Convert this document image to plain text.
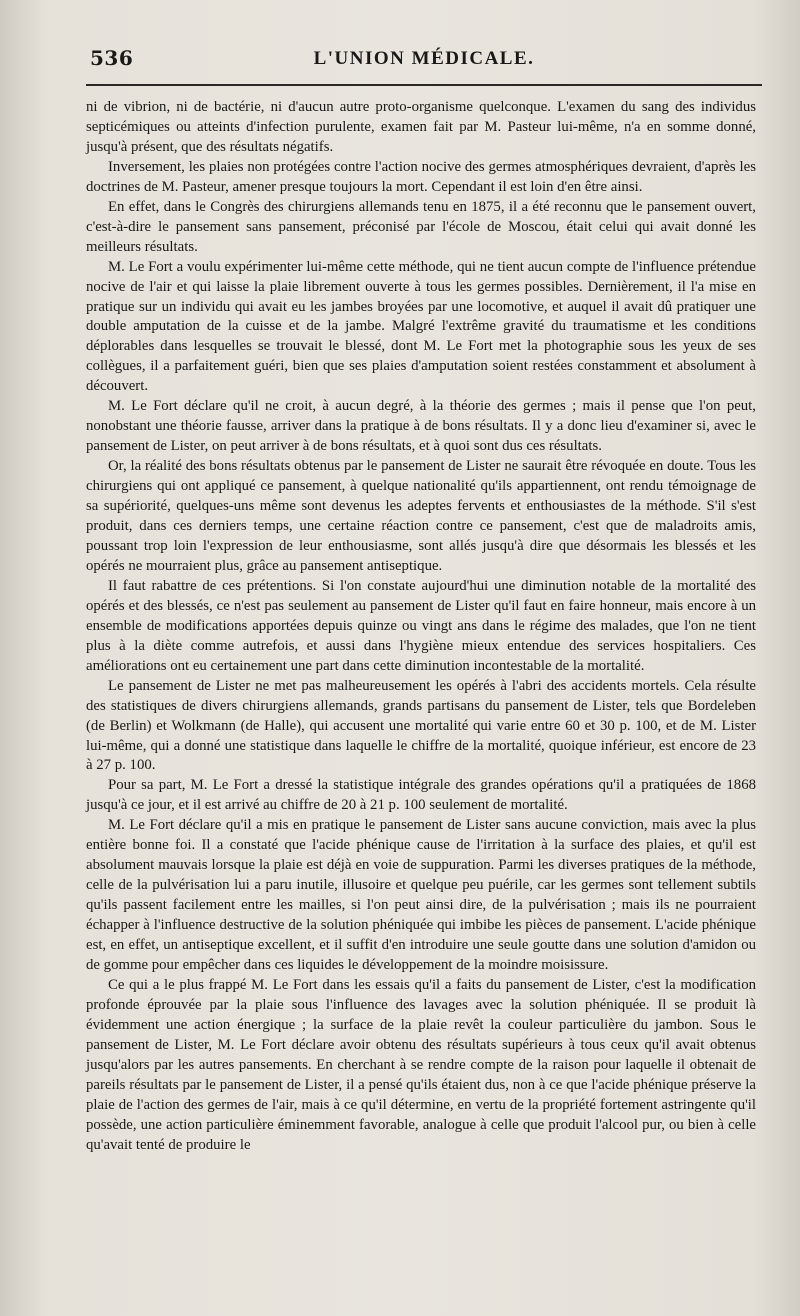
536	L'UNION MÉDICALE.

ni de vibrion, ni de bactérie, ni d'aucun autre proto-organisme quelconque. L'examen du sang des individus septicémiques ou atteints d'infection purulente, examen fait par M. Pasteur lui-même, n'a en somme donné, jusqu'à présent, que des résultats négatifs.

Inversement, les plaies non protégées contre l'action nocive des germes atmosphériques devraient, d'après les doctrines de M. Pasteur, amener presque toujours la mort. Cependant il est loin d'en être ainsi.

En effet, dans le Congrès des chirurgiens allemands tenu en 1875, il a été reconnu que le pansement ouvert, c'est-à-dire le pansement sans pansement, préconisé par l'école de Moscou, était celui qui avait donné les meilleurs résultats.

M. Le Fort a voulu expérimenter lui-même cette méthode, qui ne tient aucun compte de l'influence prétendue nocive de l'air et qui laisse la plaie librement ouverte à tous les germes possibles. Dernièrement, il l'a mise en pratique sur un individu qui avait eu les jambes broyées par une locomotive, et auquel il avait dû pratiquer une double amputation de la cuisse et de la jambe. Malgré l'extrême gravité du traumatisme et les conditions déplorables dans lesquelles se trouvait le blessé, dont M. Le Fort met la photographie sous les yeux de ses collègues, il a parfaitement guéri, bien que ses plaies d'amputation soient restées constamment et absolument à découvert.

M. Le Fort déclare qu'il ne croit, à aucun degré, à la théorie des germes ; mais il pense que l'on peut, nonobstant une théorie fausse, arriver dans la pratique à de bons résultats. Il y a donc lieu d'examiner si, avec le pansement de Lister, on peut arriver à de bons résultats, et à quoi sont dus ces résultats.

Or, la réalité des bons résultats obtenus par le pansement de Lister ne saurait être révoquée en doute. Tous les chirurgiens qui ont appliqué ce pansement, à quelque nationalité qu'ils appartiennent, ont rendu témoignage de sa supériorité, quelques-uns même sont devenus les adeptes fervents et enthousiastes de la méthode. S'il s'est produit, dans ces derniers temps, une certaine réaction contre ce pansement, c'est que de maladroits amis, poussant trop loin l'expression de leur enthousiasme, sont allés jusqu'à dire que désormais les blessés et les opérés ne mourraient plus, grâce au pansement antiseptique.

Il faut rabattre de ces prétentions. Si l'on constate aujourd'hui une diminution notable de la mortalité des opérés et des blessés, ce n'est pas seulement au pansement de Lister qu'il faut en faire honneur, mais encore à un ensemble de modifications apportées depuis quinze ou vingt ans dans le régime des malades, que l'on ne tient plus à la diète comme autrefois, et aussi dans l'hygiène mieux entendue des services hospitaliers. Ces améliorations ont eu certainement une part dans cette diminution incontestable de la mortalité.

Le pansement de Lister ne met pas malheureusement les opérés à l'abri des accidents mortels. Cela résulte des statistiques de divers chirurgiens allemands, grands partisans du pansement de Lister, tels que Bordeleben (de Berlin) et Wolkmann (de Halle), qui accusent une mortalité qui varie entre 60 et 30 p. 100, et de M. Lister lui-même, qui a donné une statistique dans laquelle le chiffre de la mortalité, quoique inférieur, est encore de 23 à 27 p. 100.

Pour sa part, M. Le Fort a dressé la statistique intégrale des grandes opérations qu'il a pratiquées de 1868 jusqu'à ce jour, et il est arrivé au chiffre de 20 à 21 p. 100 seulement de mortalité.

M. Le Fort déclare qu'il a mis en pratique le pansement de Lister sans aucune conviction, mais avec la plus entière bonne foi. Il a constaté que l'acide phénique cause de l'irritation à la surface des plaies, et qu'il est absolument mauvais lorsque la plaie est déjà en voie de suppuration. Parmi les diverses pratiques de la méthode, celle de la pulvérisation lui a paru inutile, illusoire et quelque peu puérile, car les germes sont tellement subtils qu'ils passent facilement entre les mailles, si l'on peut ainsi dire, de la pulvérisation ; mais ils ne pourraient échapper à l'influence destructive de la solution phéniquée qui imbibe les pièces de pansement. L'acide phénique est, en effet, un antiseptique excellent, et il suffit d'en introduire une seule goutte dans une solution d'amidon ou de gomme pour empêcher dans ces liquides le développement de la moindre moisissure.

Ce qui a le plus frappé M. Le Fort dans les essais qu'il a faits du pansement de Lister, c'est la modification profonde éprouvée par la plaie sous l'influence des lavages avec la solution phéniquée. Il se produit là évidemment une action énergique ; la surface de la plaie revêt la couleur particulière du jambon. Sous le pansement de Lister, M. Le Fort déclare avoir obtenu des résultats supérieurs à tous ceux qu'il avait obtenus jusqu'alors par les autres pansements. En cherchant à se rendre compte de la raison pour laquelle il obtenait de pareils résultats par le pansement de Lister, il a pensé qu'ils étaient dus, non à ce que l'acide phénique préserve la plaie de l'action des germes de l'air, mais à ce qu'il détermine, en vertu de la propriété fortement astringente qu'il possède, une action particulière éminemment favorable, analogue à celle que produit l'alcool pur, ou bien à celle qu'avait tenté de produire le
